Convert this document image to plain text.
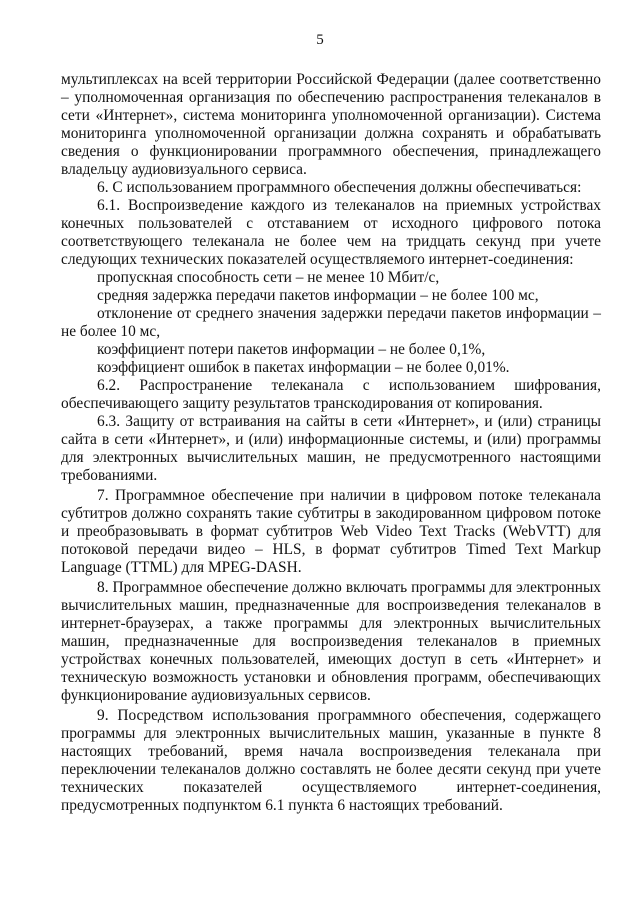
5

мультиплексах на всей территории Российской Федерации (далее соответственно – уполномоченная организация по обеспечению распространения телеканалов в сети «Интернет», система мониторинга уполномоченной организации). Система мониторинга уполномоченной организации должна сохранять и обрабатывать сведения о функционировании программного обеспечения, принадлежащего владельцу аудиовизуального сервиса.

6. С использованием программного обеспечения должны обеспечиваться:

6.1. Воспроизведение каждого из телеканалов на приемных устройствах конечных пользователей с отставанием от исходного цифрового потока соответствующего телеканала не более чем на тридцать секунд при учете следующих технических показателей осуществляемого интернет-соединения:

пропускная способность сети – не менее 10 Мбит/с,

средняя задержка передачи пакетов информации – не более 100 мс,

отклонение от среднего значения задержки передачи пакетов информации – не более 10 мс,

коэффициент потери пакетов информации – не более 0,1%,

коэффициент ошибок в пакетах информации – не более 0,01%.

6.2. Распространение телеканала с использованием шифрования, обеспечивающего защиту результатов транскодирования от копирования.

6.3. Защиту от встраивания на сайты в сети «Интернет», и (или) страницы сайта в сети «Интернет», и (или) информационные системы, и (или) программы для электронных вычислительных машин, не предусмотренного настоящими требованиями.

7. Программное обеспечение при наличии в цифровом потоке телеканала субтитров должно сохранять такие субтитры в закодированном цифровом потоке и преобразовывать в формат субтитров Web Video Text Tracks (WebVTT) для потоковой передачи видео – HLS, в формат субтитров Timed Text Markup Language (TTML) для MPEG-DASH.

8. Программное обеспечение должно включать программы для электронных вычислительных машин, предназначенные для воспроизведения телеканалов в интернет-браузерах, а также программы для электронных вычислительных машин, предназначенные для воспроизведения телеканалов в приемных устройствах конечных пользователей, имеющих доступ в сеть «Интернет» и техническую возможность установки и обновления программ, обеспечивающих функционирование аудиовизуальных сервисов.

9. Посредством использования программного обеспечения, содержащего программы для электронных вычислительных машин, указанные в пункте 8 настоящих требований, время начала воспроизведения телеканала при переключении телеканалов должно составлять не более десяти секунд при учете технических показателей осуществляемого интернет-соединения, предусмотренных подпунктом 6.1 пункта 6 настоящих требований.
